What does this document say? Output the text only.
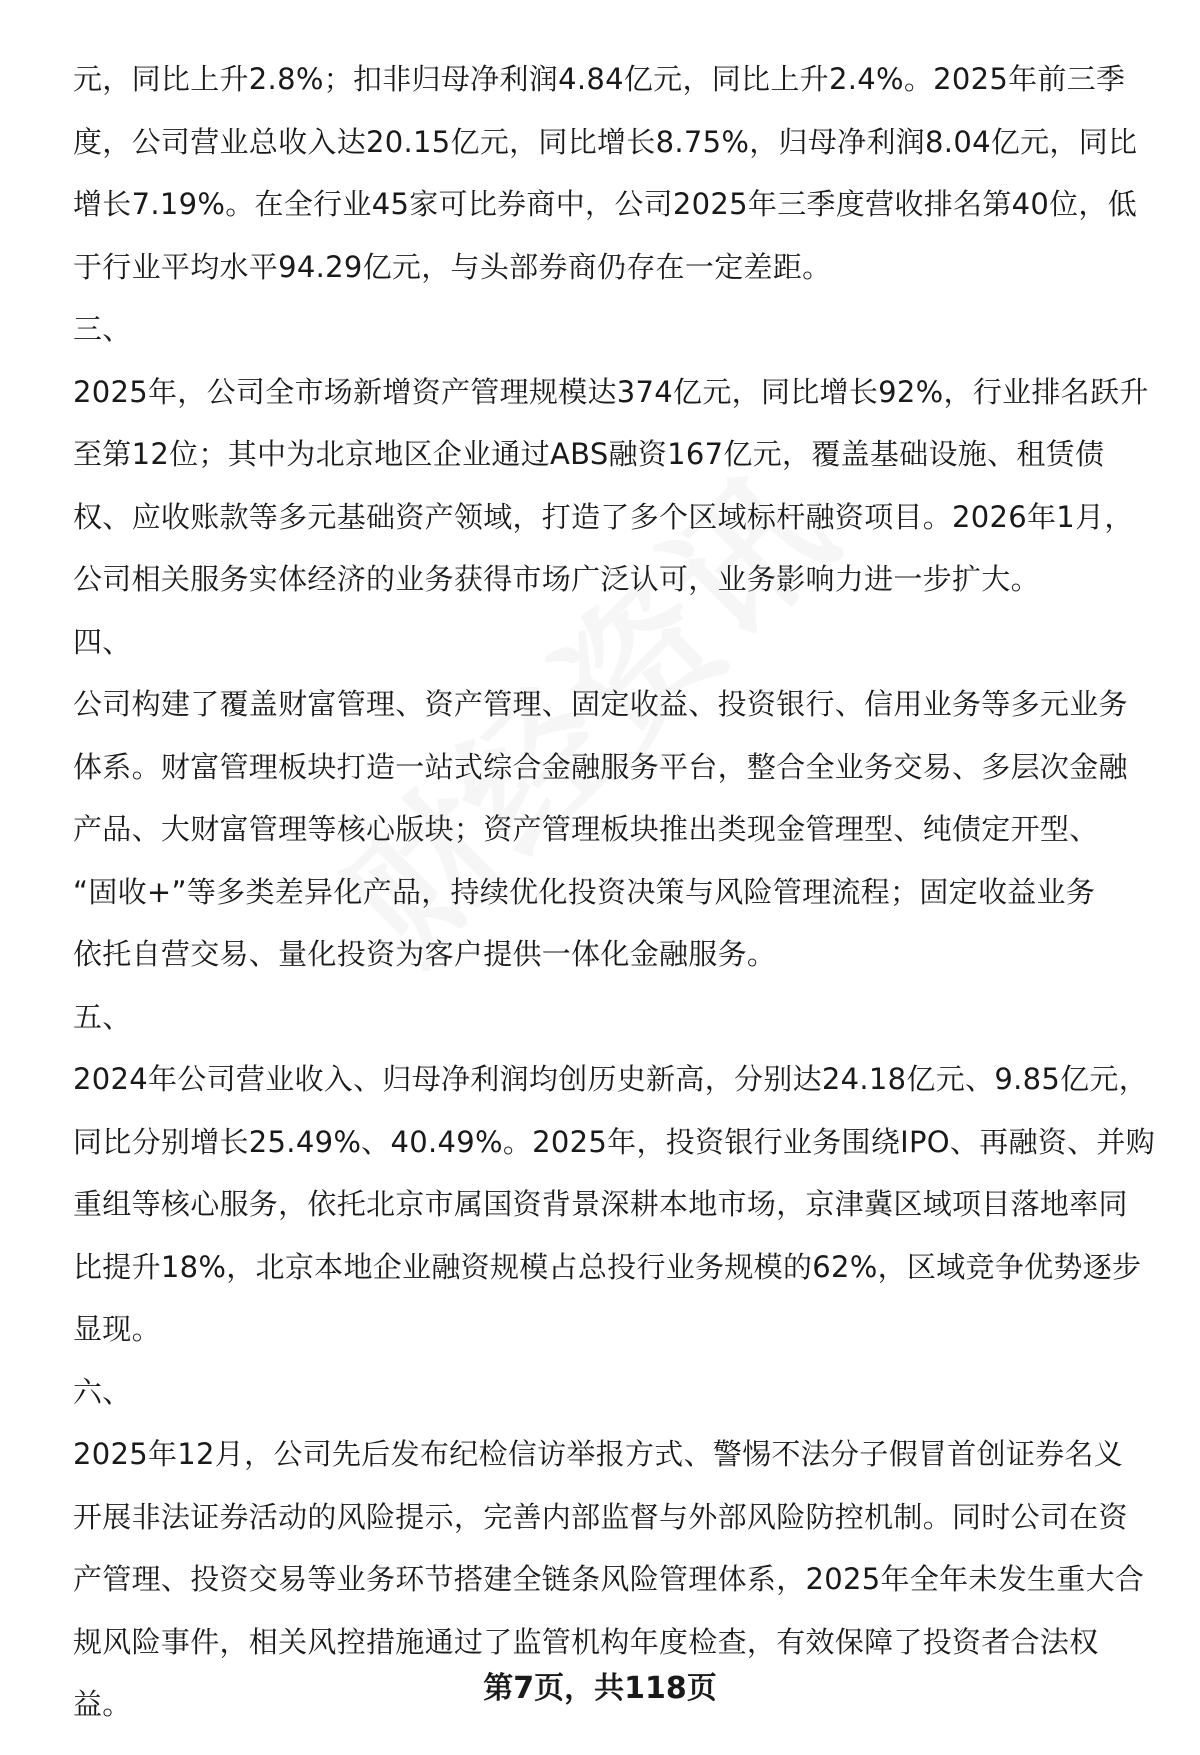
元，同比上升2.8%；扣非归母净利润4.84亿元，同比上升2.4%。2025年前三季
度，公司营业总收入达20.15亿元，同比增长8.75%，归母净利润8.04亿元，同比
增长7.19%。在全行业45家可比券商中，公司2025年三季度营收排名第40位，低
于行业平均水平94.29亿元，与头部券商仍存在一定差距。
三、
2025年，公司全市场新增资产管理规模达374亿元，同比增长92%，行业排名跃升
至第12位；其中为北京地区企业通过ABS融资167亿元，覆盖基础设施、租赁债
权、应收账款等多元基础资产领域，打造了多个区域标杆融资项目。2026年1月，
公司相关服务实体经济的业务获得市场广泛认可，业务影响力进一步扩大。
四、
公司构建了覆盖财富管理、资产管理、固定收益、投资银行、信用业务等多元业务
体系。财富管理板块打造一站式综合金融服务平台，整合全业务交易、多层次金融
产品、大财富管理等核心版块；资产管理板块推出类现金管理型、纯债定开型、
“固收+”等多类差异化产品，持续优化投资决策与风险管理流程；固定收益业务
依托自营交易、量化投资为客户提供一体化金融服务。
五、
2024年公司营业收入、归母净利润均创历史新高，分别达24.18亿元、9.85亿元，
同比分别增长25.49%、40.49%。2025年，投资银行业务围绕IPO、再融资、并购
重组等核心服务，依托北京市属国资背景深耕本地市场，京津冀区域项目落地率同
比提升18%，北京本地企业融资规模占总投行业务规模的62%，区域竞争优势逐步
显现。
六、
2025年12月，公司先后发布纪检信访举报方式、警惕不法分子假冒首创证券名义
开展非法证券活动的风险提示，完善内部监督与外部风险防控机制。同时公司在资
产管理、投资交易等业务环节搭建全链条风险管理体系，2025年全年未发生重大合
规风险事件，相关风控措施通过了监管机构年度检查，有效保障了投资者合法权
益。	第7页，共118页
